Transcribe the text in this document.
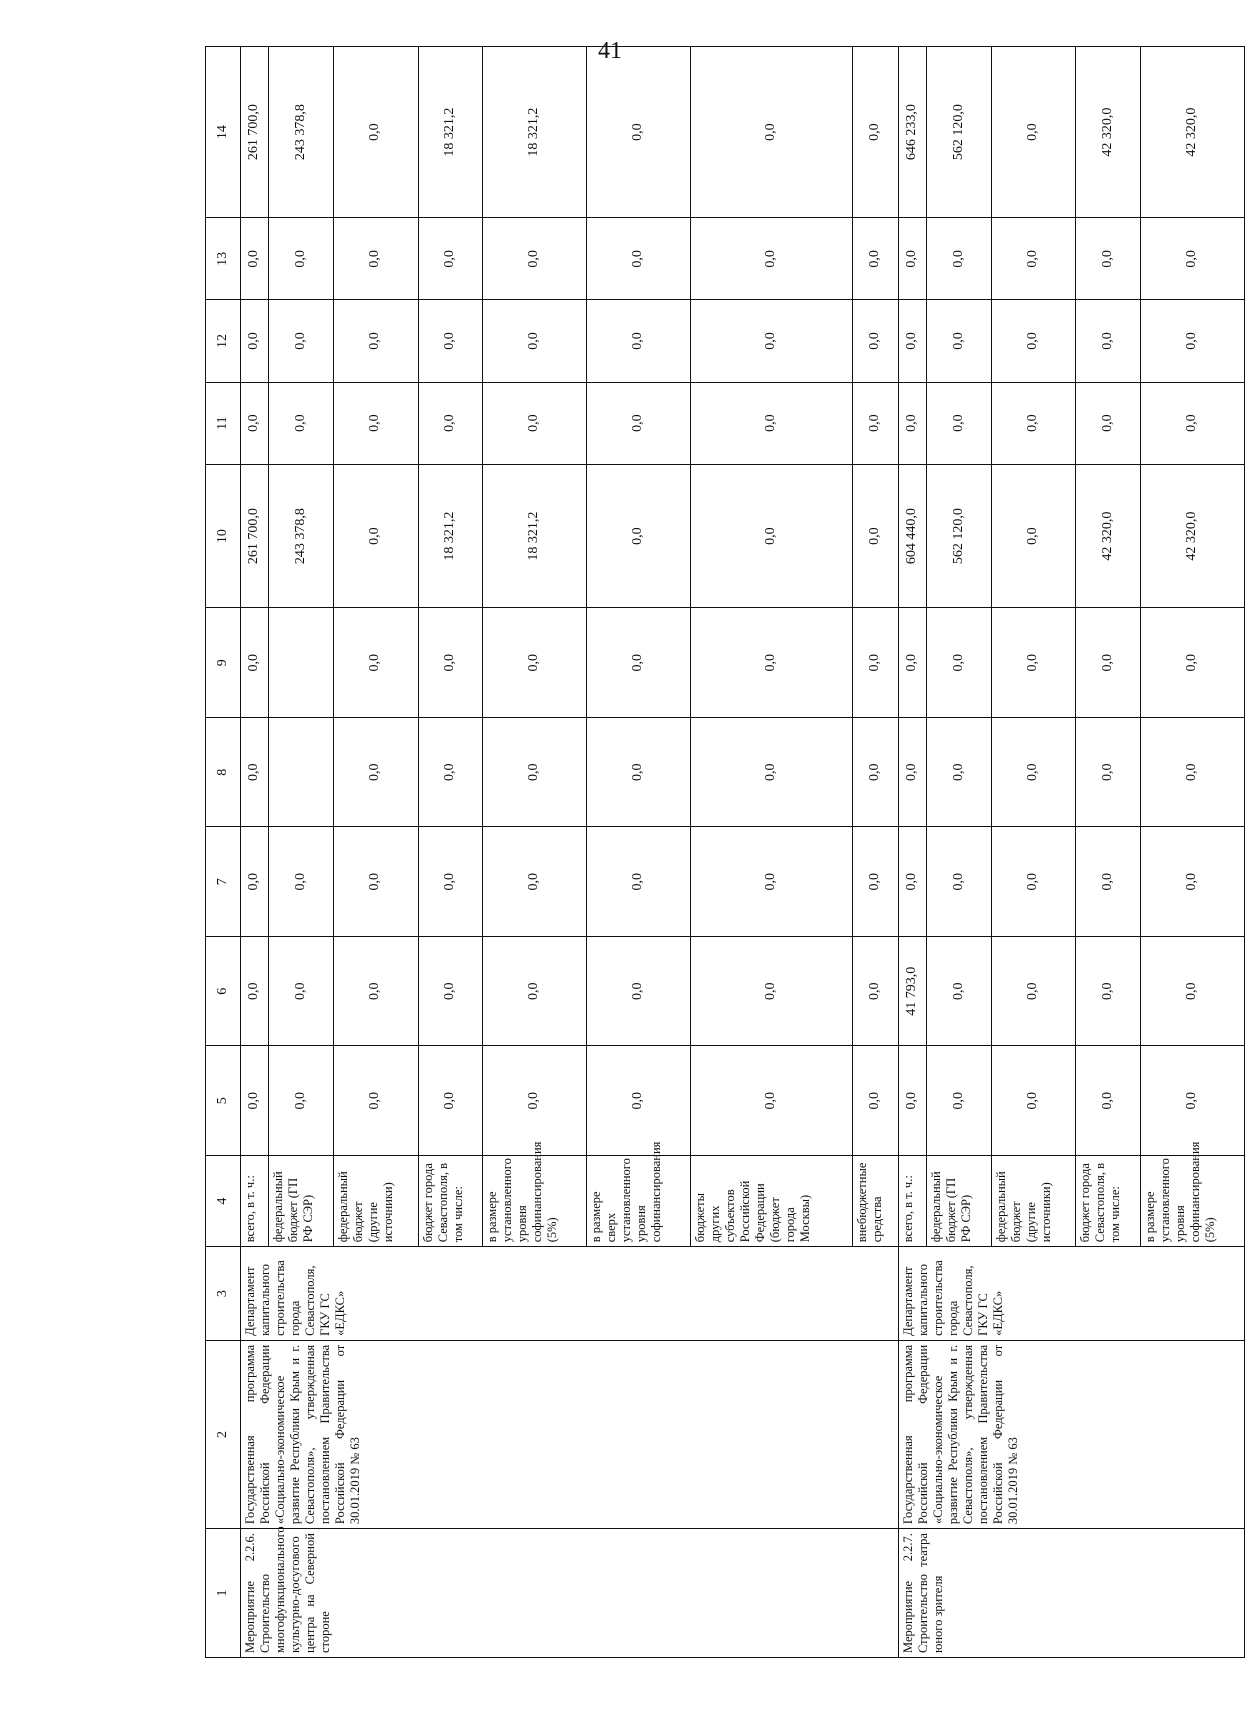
41
1	2	3	4	5	6	7	8	9	10	11	12	13	14
Мероприятие 2.2.6. Строительство многофункционального культурно-досугового центра на Северной стороне	Государственная программа Российской Федерации «Социально-экономическое развитие Республики Крым и г. Севастополя», утвержденная постановлением Правительства Российской Федерации от 30.01.2019 № 63	Департамент капитального строительства города Севастополя, ГКУ ГС «ЕДКС»	всего, в т. ч.:	0,0	0,0	0,0	0,0	0,0	261 700,0	0,0	0,0	0,0	261 700,0
			федеральный бюджет (ГП РФ СЭР)	0,0	0,0	0,0			243 378,8	0,0	0,0	0,0	243 378,8
			федеральный бюджет (другие источники)	0,0	0,0	0,0	0,0	0,0	0,0	0,0	0,0	0,0	0,0
			бюджет города Севастополя, в том числе:	0,0	0,0	0,0	0,0	0,0	18 321,2	0,0	0,0	0,0	18 321,2
			в размере установленного уровня софинансирования (5%)	0,0	0,0	0,0	0,0	0,0	18 321,2	0,0	0,0	0,0	18 321,2
			в размере сверх установленного уровня софинансирования	0,0	0,0	0,0	0,0	0,0	0,0	0,0	0,0	0,0	0,0
			бюджеты других субъектов Российской Федерации (бюджет города Москвы)	0,0	0,0	0,0	0,0	0,0	0,0	0,0	0,0	0,0	0,0
			внебюджетные средства	0,0	0,0	0,0	0,0	0,0	0,0	0,0	0,0	0,0	0,0
Мероприятие 2.2.7. Строительство театра юного зрителя	Государственная программа Российской Федерации «Социально-экономическое развитие Республики Крым и г. Севастополя», утвержденная постановлением Правительства Российской Федерации от 30.01.2019 № 63	Департамент капитального строительства города Севастополя, ГКУ ГС «ЕДКС»	всего, в т. ч.:	0,0	41 793,0	0,0	0,0	0,0	604 440,0	0,0	0,0	0,0	646 233,0
			федеральный бюджет (ГП РФ СЭР)	0,0	0,0	0,0	0,0	0,0	562 120,0	0,0	0,0	0,0	562 120,0
			федеральный бюджет (другие источники)	0,0	0,0	0,0	0,0	0,0	0,0	0,0	0,0	0,0	0,0
			бюджет города Севастополя, в том числе:	0,0	0,0	0,0	0,0	0,0	42 320,0	0,0	0,0	0,0	42 320,0
			в размере установленного уровня софинансирования (5%)	0,0	0,0	0,0	0,0	0,0	42 320,0	0,0	0,0	0,0	42 320,0
